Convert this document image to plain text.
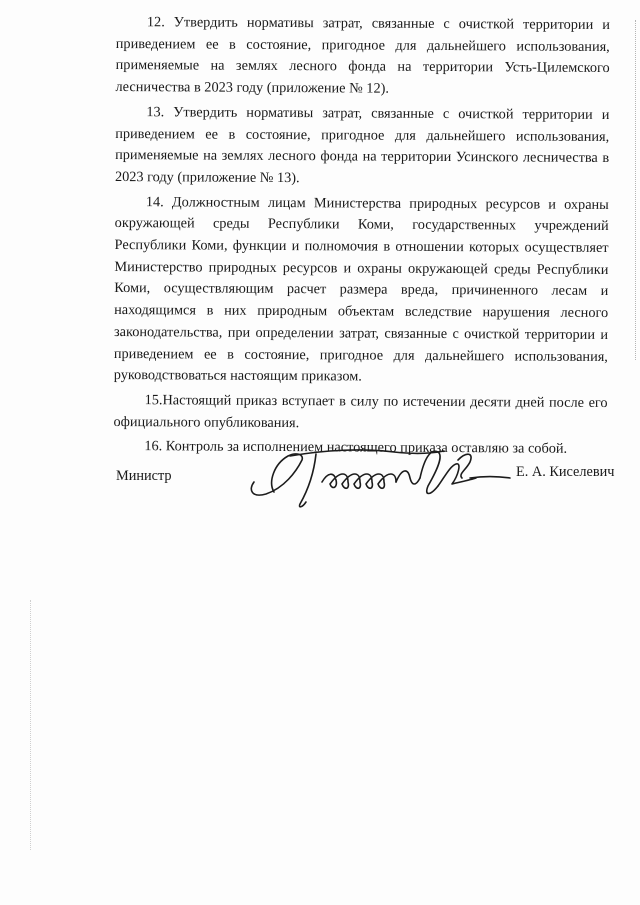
12. Утвердить нормативы затрат, связанные с очисткой территории и приведением ее в состояние, пригодное для дальнейшего использования, применяемые на землях лесного фонда на территории Усть-Цилемского лесничества в 2023 году (приложение № 12).

13. Утвердить нормативы затрат, связанные с очисткой территории и приведением ее в состояние, пригодное для дальнейшего использования, применяемые на землях лесного фонда на территории Усинского лесничества в 2023 году (приложение № 13).

14. Должностным лицам Министерства природных ресурсов и охраны окружающей среды Республики Коми, государственных учреждений Республики Коми, функции и полномочия в отношении которых осуществляет Министерство природных ресурсов и охраны окружающей среды Республики Коми, осуществляющим расчет размера вреда, причиненного лесам и находящимся в них природным объектам вследствие нарушения лесного законодательства, при определении затрат, связанные с очисткой территории и приведением ее в состояние, пригодное для дальнейшего использования, руководствоваться настоящим приказом.

15.Настоящий приказ вступает в силу по истечении десяти дней после его официального опубликования.

16. Контроль за исполнением настоящего приказа оставляю за собой.

Министр	Е. А. Киселевич
